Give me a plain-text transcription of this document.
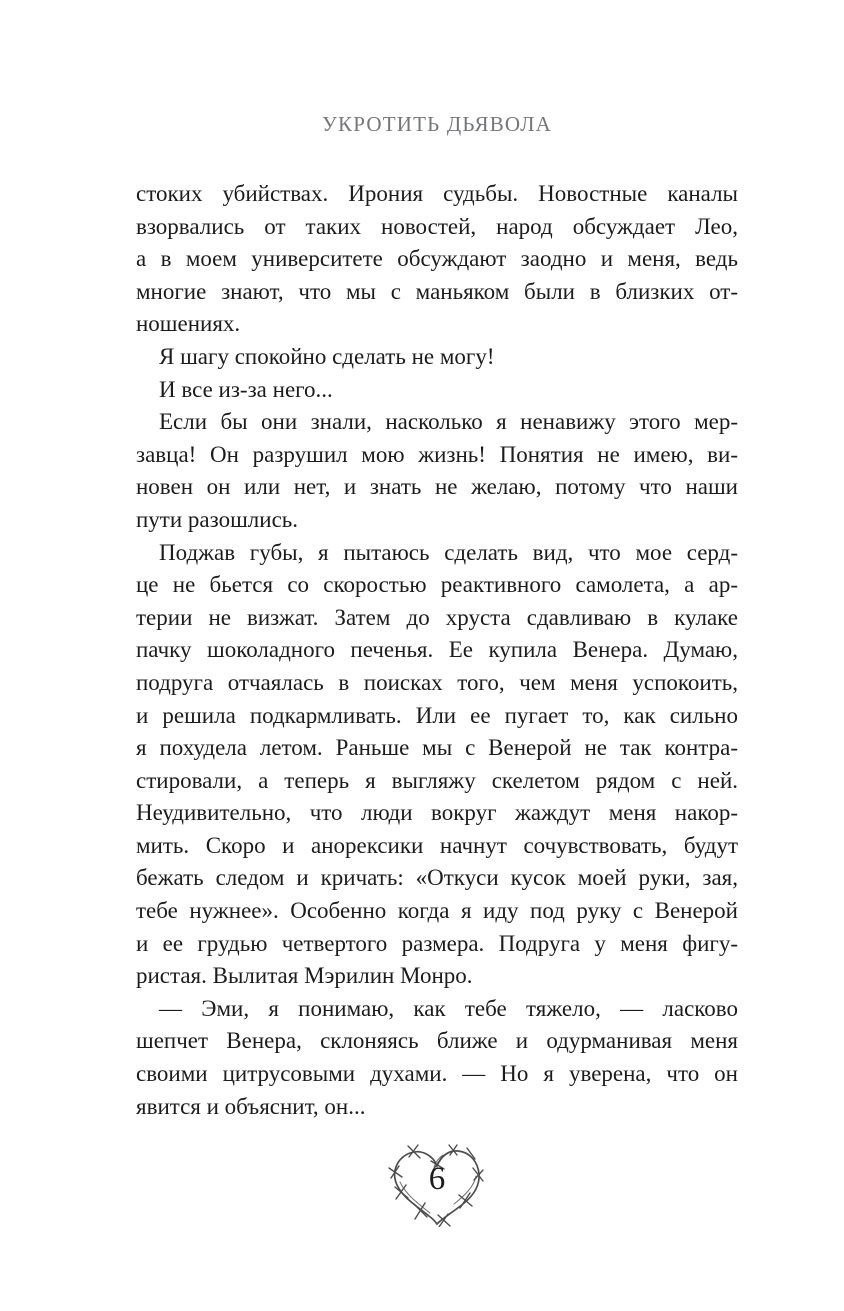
УКРОТИТЬ ДЬЯВОЛА
стоких убийствах. Ирония судьбы. Новостные каналы
взорвались от таких новостей, народ обсуждает Лео,
а в моем университете обсуждают заодно и меня, ведь
многие знают, что мы с маньяком были в близких от-
ношениях.
Я шагу спокойно сделать не могу!
И все из-за него...
Если бы они знали, насколько я ненавижу этого мер-
завца! Он разрушил мою жизнь! Понятия не имею, ви-
новен он или нет, и знать не желаю, потому что наши
пути разошлись.
Поджав губы, я пытаюсь сделать вид, что мое серд-
це не бьется со скоростью реактивного самолета, а ар-
терии не визжат. Затем до хруста сдавливаю в кулаке
пачку шоколадного печенья. Ее купила Венера. Думаю,
подруга отчаялась в поисках того, чем меня успокоить,
и решила подкармливать. Или ее пугает то, как сильно
я похудела летом. Раньше мы с Венерой не так контра-
стировали, а теперь я выгляжу скелетом рядом с ней.
Неудивительно, что люди вокруг жаждут меня накор-
мить. Скоро и анорексики начнут сочувствовать, будут
бежать следом и кричать: «Откуси кусок моей руки, зая,
тебе нужнее». Особенно когда я иду под руку с Венерой
и ее грудью четвертого размера. Подруга у меня фигу-
ристая. Вылитая Мэрилин Монро.
— Эми, я понимаю, как тебе тяжело, — ласково
шепчет Венера, склоняясь ближе и одурманивая меня
своими цитрусовыми духами. — Но я уверена, что он
явится и объяснит, он...
6
